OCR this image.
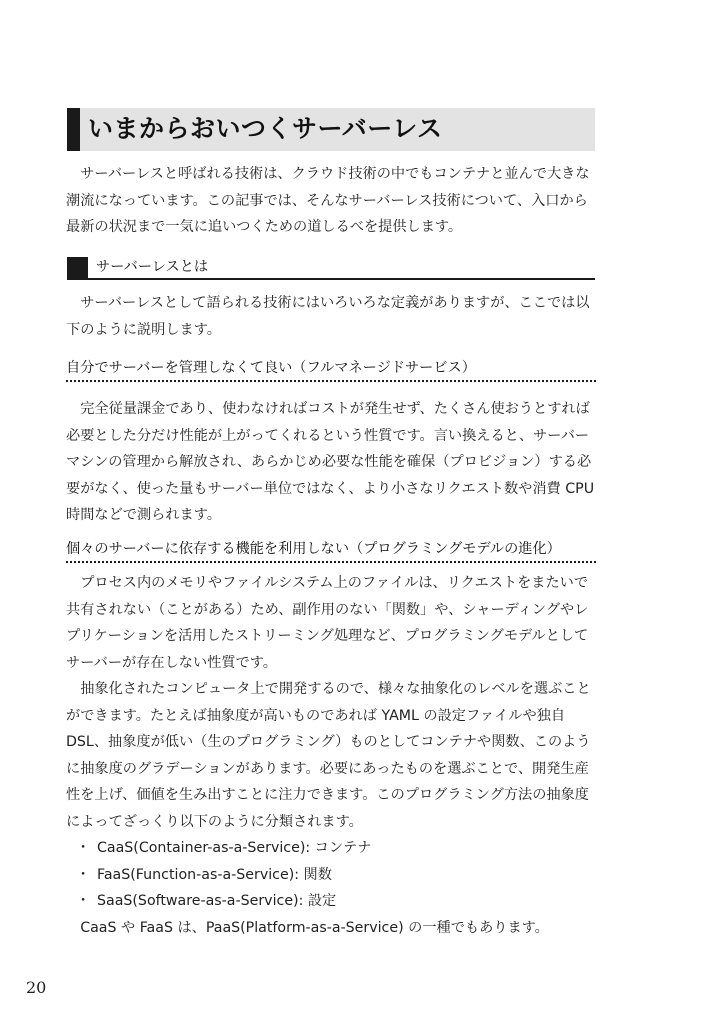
いまからおいつくサーバーレス

サーバーレスと呼ばれる技術は、クラウド技術の中でもコンテナと並んで大きな潮流になっています。この記事では、そんなサーバーレス技術について、入口から最新の状況まで一気に追いつくための道しるべを提供します。

サーバーレスとは

サーバーレスとして語られる技術にはいろいろな定義がありますが、ここでは以下のように説明します。

自分でサーバーを管理しなくて良い（フルマネージドサービス）

完全従量課金であり、使わなければコストが発生せず、たくさん使おうとすれば必要とした分だけ性能が上がってくれるという性質です。言い換えると、サーバーマシンの管理から解放され、あらかじめ必要な性能を確保（プロビジョン）する必要がなく、使った量もサーバー単位ではなく、より小さなリクエスト数や消費 CPU 時間などで測られます。

個々のサーバーに依存する機能を利用しない（プログラミングモデルの進化）

プロセス内のメモリやファイルシステム上のファイルは、リクエストをまたいで共有されない（ことがある）ため、副作用のない「関数」や、シャーディングやレプリケーションを活用したストリーミング処理など、プログラミングモデルとしてサーバーが存在しない性質です。

抽象化されたコンピュータ上で開発するので、様々な抽象化のレベルを選ぶことができます。たとえば抽象度が高いものであれば YAML の設定ファイルや独自 DSL、抽象度が低い（生のプログラミング）ものとしてコンテナや関数、このように抽象度のグラデーションがあります。必要にあったものを選ぶことで、開発生産性を上げ、価値を生み出すことに注力できます。このプログラミング方法の抽象度によってざっくり以下のように分類されます。

・ CaaS(Container-as-a-Service): コンテナ
・ FaaS(Function-as-a-Service): 関数
・ SaaS(Software-as-a-Service): 設定

CaaS や FaaS は、PaaS(Platform-as-a-Service) の一種でもあります。

20
